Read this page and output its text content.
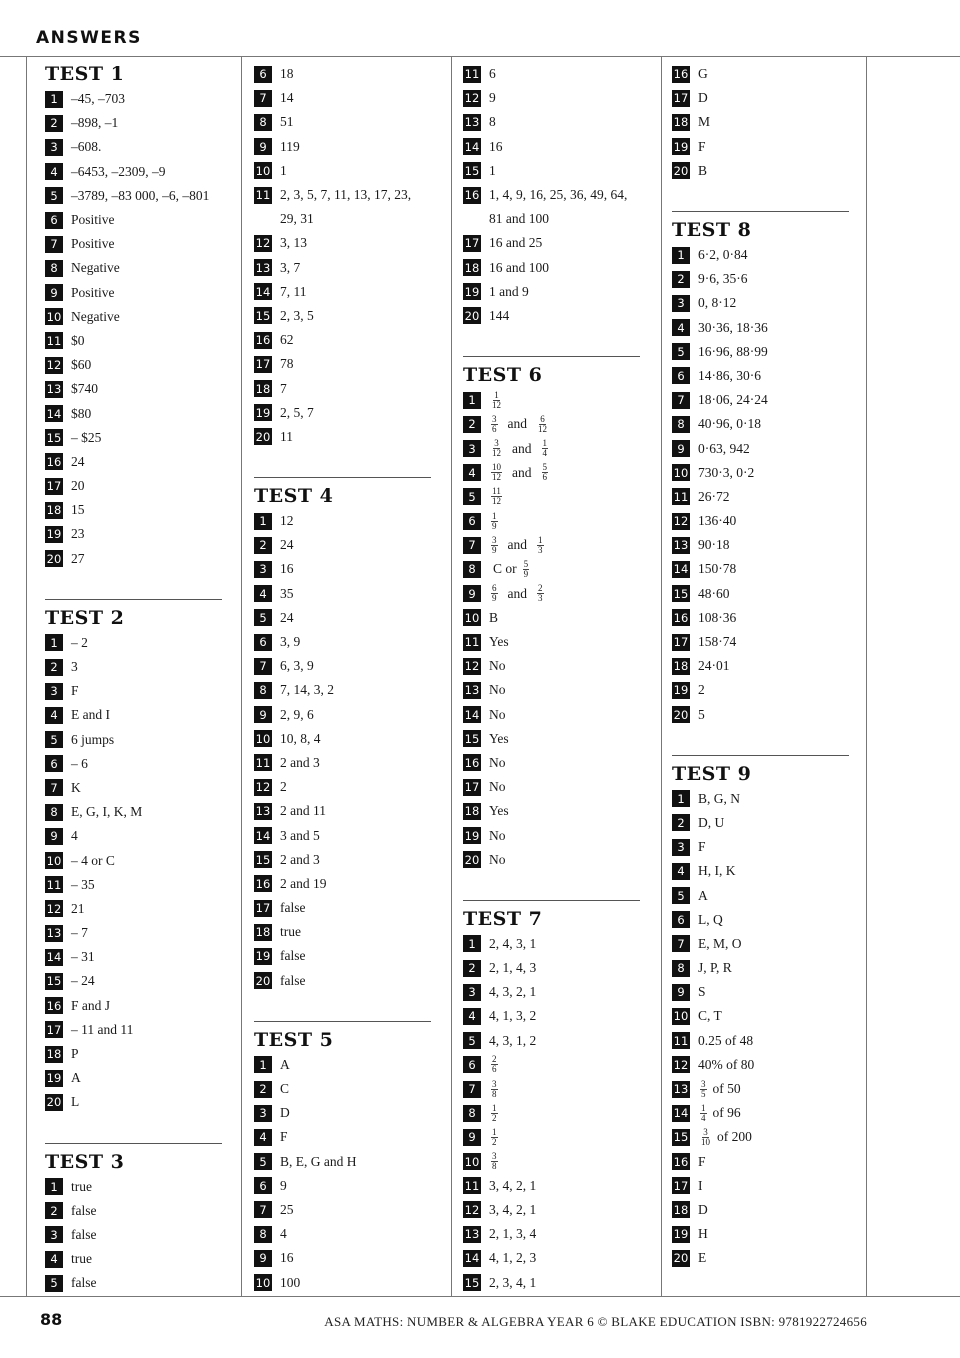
ANSWERS
TEST 1
1 –45, –703
2 –898, –1
3 –608.
4 –6453, –2309, –9
5 –3789, –83 000, –6, –801
6 Positive
7 Positive
8 Negative
9 Positive
10 Negative
11 $0
12 $60
13 $740
14 $80
15 – $25
16 24
17 20
18 15
19 23
20 27
TEST 2
1 – 2
2 3
3 F
4 E and I
5 6 jumps
6 – 6
7 K
8 E, G, I, K, M
9 4
10 – 4 or C
11 – 35
12 21
13 – 7
14 – 31
15 – 24
16 F and J
17 – 11 and 11
18 P
19 A
20 L
TEST 3
1 true
2 false
3 false
4 true
5 false
6 18
7 14
8 51
9 119
10 1
11 2, 3, 5, 7, 11, 13, 17, 23,
29, 31
12 3, 13
13 3, 7
14 7, 11
15 2, 3, 5
16 62
17 78
18 7
19 2, 5, 7
20 11
TEST 4
1 12
2 24
3 16
4 35
5 24
6 3, 9
7 6, 3, 9
8 7, 14, 3, 2
9 2, 9, 6
10 10, 8, 4
11 2 and 3
12 2
13 2 and 11
14 3 and 5
15 2 and 3
16 2 and 19
17 false
18 true
19 false
20 false
TEST 5
1 A
2 C
3 D
4 F
5 B, E, G and H
6 9
7 25
8 4
9 16
10 100
11 6
12 9
13 8
14 16
15 1
16 1, 4, 9, 16, 25, 36, 49, 64,
81 and 100
17 16 and 25
18 16 and 100
19 1 and 9
20 144
TEST 6
1	$\frac{1}{12}$
2	$\frac{3}{6}$ and $\frac{6}{12}$
3	$\frac{3}{12}$ and $\frac{1}{4}$
4	$\frac{10}{12}$ and $\frac{5}{6}$
5	$\frac{11}{12}$
6	$\frac{1}{9}$
7	$\frac{3}{9}$ and $\frac{1}{3}$
8	C or $\frac{5}{9}$
9	$\frac{6}{9}$ and $\frac{2}{3}$
10 B
11 Yes
12 No
13 No
14 No
15 Yes
16 No
17 No
18 Yes
19 No
20 No
TEST 7
1 2, 4, 3, 1
2 2, 1, 4, 3
3 4, 3, 2, 1
4 4, 1, 3, 2
5 4, 3, 1, 2
6	$\frac{2}{6}$
7	$\frac{3}{8}$
8	$\frac{1}{2}$
9	$\frac{1}{2}$
$10 \frac{3}{8}$
11 3, 4, 2, 1
12 3, 4, 2, 1
13 2, 1, 3, 4
14 4, 1, 2, 3
15 2, 3, 4, 1
16 G
17 D
18 M
19 F
20 B
TEST 8
1 6·2, 0·84
2 9·6, 35·6
3 0, 8·12
4 30·36, 18·36
5 16·96, 88·99
6 14·86, 30·6
7 18·06, 24·24
8 40·96, 0·18
9 0·63, 942
10 730·3, 0·2
11 26·72
12 136·40
13 90·18
14 150·78
15 48·60
16 108·36
17 158·74
18 24·01
19 2
20 5
TEST 9
1 B, G, N
2 D, U
3 F
4 H, I, K
5 A
6 L, Q
7 E, M, O
8 J, P, R
9 S
10 C, T
11 0.25 of 48
12 40% of 80
$13 \frac{3}{5}$ of 50
$14 \frac{1}{4}$ of 96
$15 \frac{3}{10}$ of 200
16 F
17 I
18 D
19 H
20 E
88	ASA MATHS: NUMBER & ALGEBRA YEAR 6 © BLAKE EDUCATION ISBN: 9781922724656
